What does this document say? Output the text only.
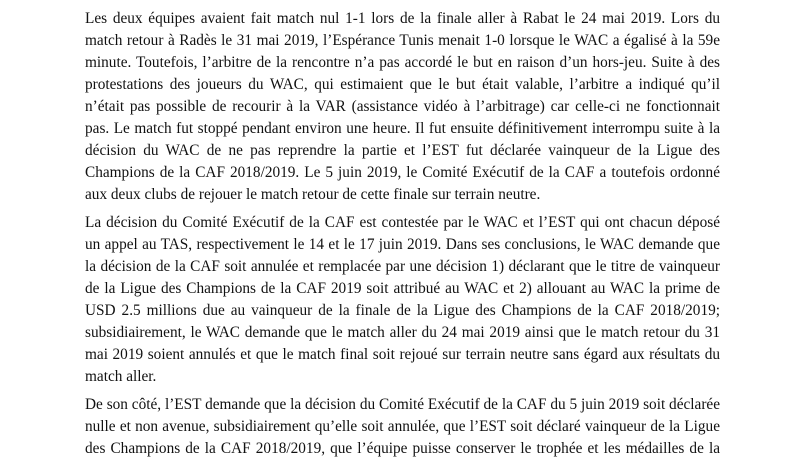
Les deux équipes avaient fait match nul 1-1 lors de la finale aller à Rabat le 24 mai 2019. Lors du
match retour à Radès le 31 mai 2019, l’Espérance Tunis menait 1-0 lorsque le WAC a égalisé à la 59e
minute. Toutefois, l’arbitre de la rencontre n’a pas accordé le but en raison d’un hors-jeu. Suite à des
protestations des joueurs du WAC, qui estimaient que le but était valable, l’arbitre a indiqué qu’il
n’était pas possible de recourir à la VAR (assistance vidéo à l’arbitrage) car celle-ci ne fonctionnait
pas. Le match fut stoppé pendant environ une heure. Il fut ensuite définitivement interrompu suite à la
décision du WAC de ne pas reprendre la partie et l’EST fut déclarée vainqueur de la Ligue des
Champions de la CAF 2018/2019. Le 5 juin 2019, le Comité Exécutif de la CAF a toutefois ordonné
aux deux clubs de rejouer le match retour de cette finale sur terrain neutre.
La décision du Comité Exécutif de la CAF est contestée par le WAC et l’EST qui ont chacun déposé
un appel au TAS, respectivement le 14 et le 17 juin 2019. Dans ses conclusions, le WAC demande que
la décision de la CAF soit annulée et remplacée par une décision 1) déclarant que le titre de vainqueur
de la Ligue des Champions de la CAF 2019 soit attribué au WAC et 2) allouant au WAC la prime de
USD 2.5 millions due au vainqueur de la finale de la Ligue des Champions de la CAF 2018/2019;
subsidiairement, le WAC demande que le match aller du 24 mai 2019 ainsi que le match retour du 31
mai 2019 soient annulés et que le match final soit rejoué sur terrain neutre sans égard aux résultats du
match aller.
De son côté, l’EST demande que la décision du Comité Exécutif de la CAF du 5 juin 2019 soit déclarée
nulle et non avenue, subsidiairement qu’elle soit annulée, que l’EST soit déclaré vainqueur de la Ligue
des Champions de la CAF 2018/2019, que l’équipe puisse conserver le trophée et les médailles de la
